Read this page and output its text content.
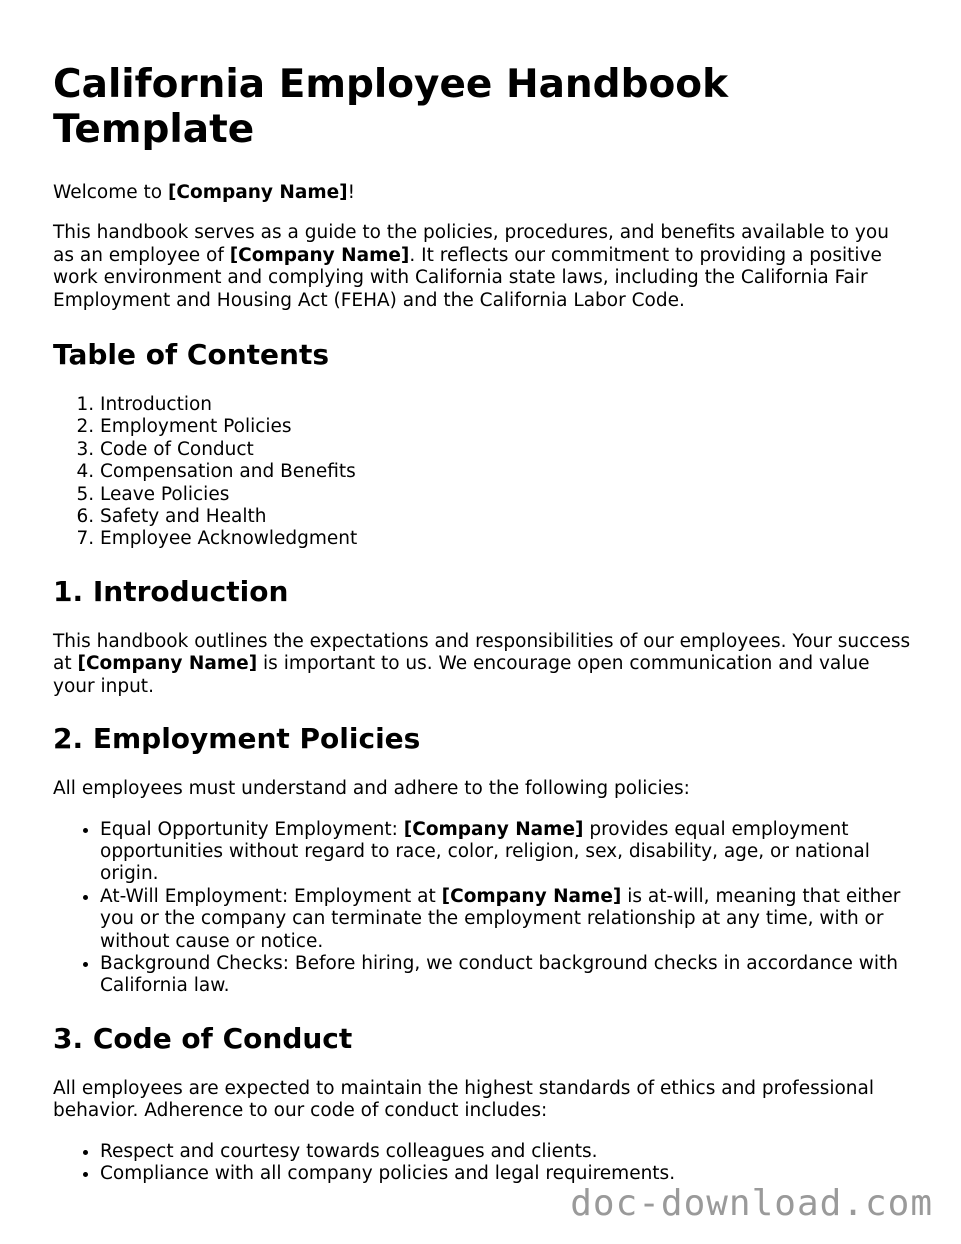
California Employee Handbook Template

Welcome to [Company Name]!

This handbook serves as a guide to the policies, procedures, and benefits available to you as an employee of [Company Name]. It reflects our commitment to providing a positive work environment and complying with California state laws, including the California Fair Employment and Housing Act (FEHA) and the California Labor Code.

Table of Contents
1. Introduction
2. Employment Policies
3. Code of Conduct
4. Compensation and Benefits
5. Leave Policies
6. Safety and Health
7. Employee Acknowledgment
1. Introduction

This handbook outlines the expectations and responsibilities of our employees. Your success at [Company Name] is important to us. We encourage open communication and value your input.

2. Employment Policies

All employees must understand and adhere to the following policies:

• Equal Opportunity Employment: [Company Name] provides equal employment opportunities without regard to race, color, religion, sex, disability, age, or national origin.
• At-Will Employment: Employment at [Company Name] is at-will, meaning that either you or the company can terminate the employment relationship at any time, with or without cause or notice.
• Background Checks: Before hiring, we conduct background checks in accordance with California law.
3. Code of Conduct

All employees are expected to maintain the highest standards of ethics and professional behavior. Adherence to our code of conduct includes:

• Respect and courtesy towards colleagues and clients.
• Compliance with all company policies and legal requirements.
doc-download.com
